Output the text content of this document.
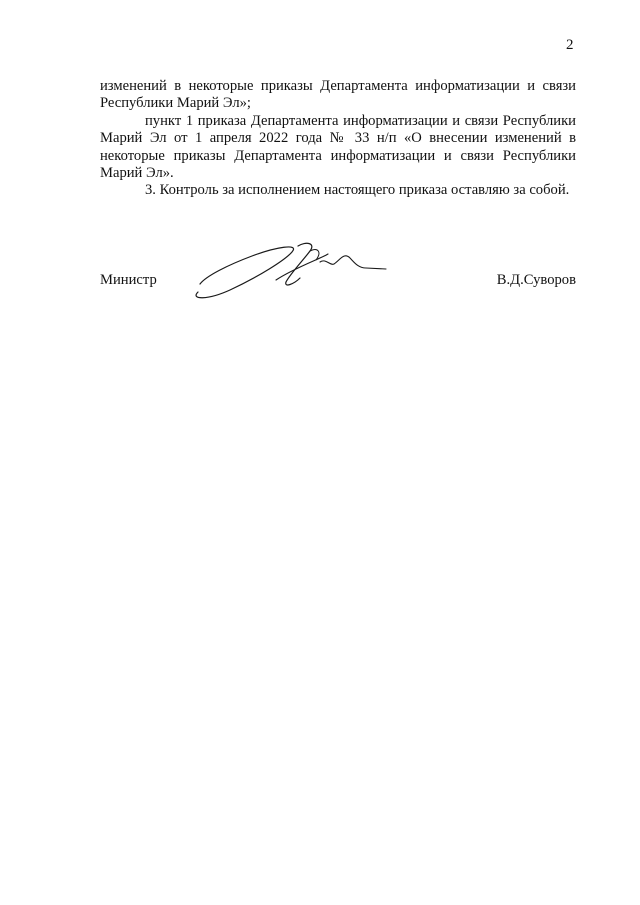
2

изменений в некоторые приказы Департамента информатизации и связи Республики Марий Эл»;

пункт 1 приказа Департамента информатизации и связи Республики Марий Эл от 1 апреля 2022 года № 33 н/п «О внесении изменений в некоторые приказы Департамента информатизации и связи Республики Марий Эл».

3. Контроль за исполнением настоящего приказа оставляю за собой.

Министр	В.Д.Суворов
